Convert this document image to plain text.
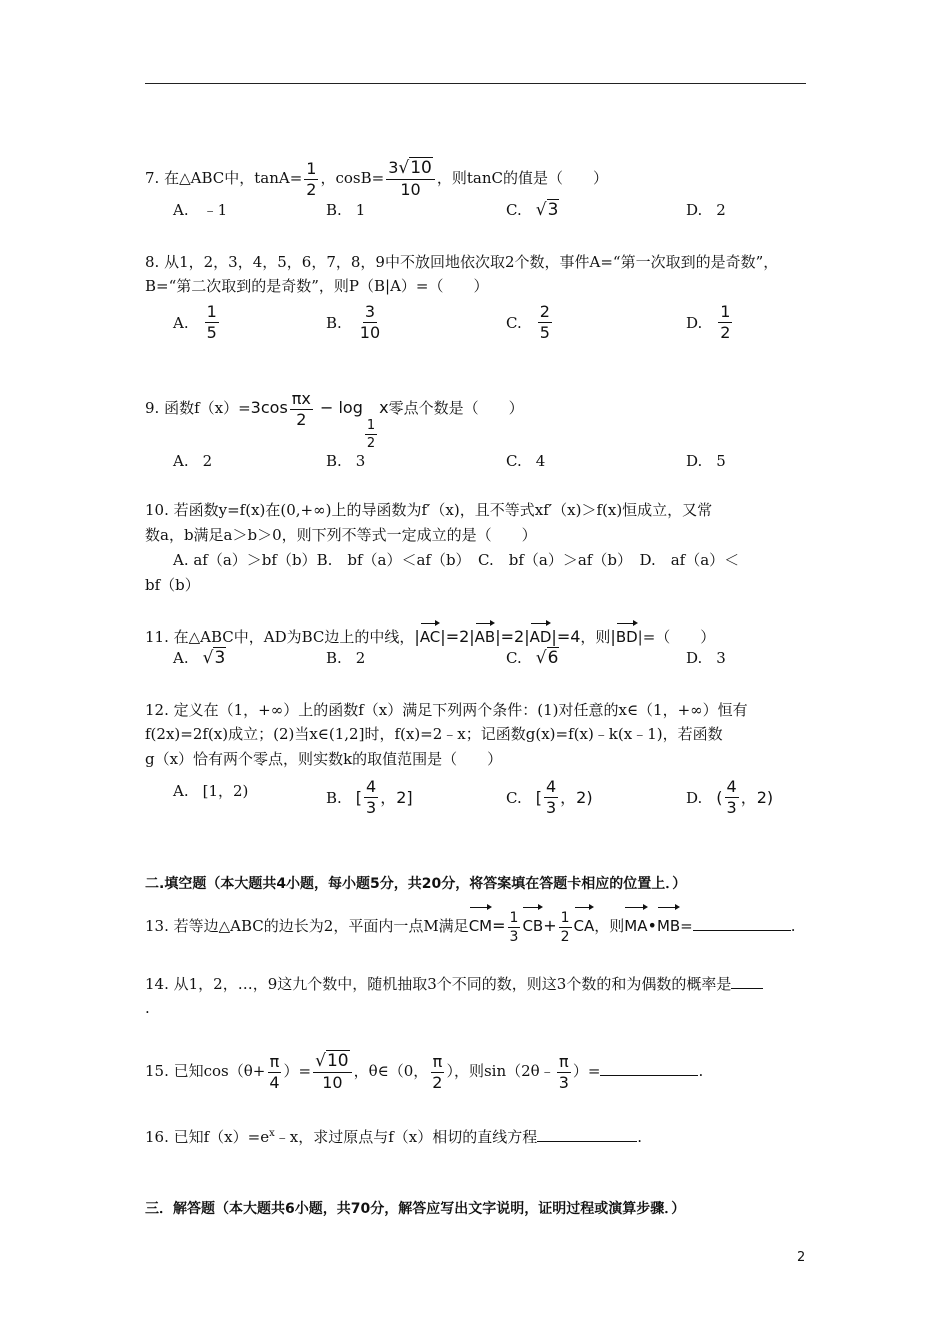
7. 在△ABC中，$\tan A= \frac{1}{2}$ ，$\cos B= \frac{3√10}{10}$ ，则tanC的值是（　　）
A. ﹣1	B. 1	C. √3	D. 2
8. 从1，2，3，4，5，6，7，8，9中不放回地依次取2个数，事件A=“第一次取到的是奇数”，
B=“第二次取到的是奇数”，则P（B|A）=（　　）
A. $\frac{1}{5}$	B. $\frac{3}{10}$	C. $\frac{2}{5}$	D. $\frac{1}{2}$
9. 函数$f(x)=3\cos \frac{\pi x}{2} - \log$
$\frac{1}{2}$
x零点个数是（　　）
A. 2	B. 3	C. 4	D. 5
10. 若函数y=f(x)在(0,+∞)上的导函数为f′（x)，且不等式xf′（x)＞f(x)恒成立，又常
数a，b满足a＞b＞0，则下列不等式一定成立的是（　　）
A. af（a）＞bf（b）B.　bf（a）＜af（b）　C.　bf（a）＞af（b）　D.　af（a）＜
bf（b）
11. 在△ABC中，AD为BC边上的中线，|AC|=2|AB|=2|AD|=4，则|BD|=（　　）
A. √3	B. 2	C. √6	D. 3
12. 定义在（1，+∞）上的函数f（x）满足下列两个条件：(1)对任意的x∈（1，+∞）恒有
f(2x)=2f(x)成立；(2)当x∈(1,2]时，f(x)=2﹣x；记函数g(x)=f(x)﹣k(x﹣1)，若函数
g（x）恰有两个零点，则实数k的取值范围是（　　）
A. [1，2)	B. [ $\frac{4}{3}$ ，2]	C. [ $\frac{4}{3}$ ，2)	D. ( $\frac{4}{3}$ ，2)
二.填空题（本大题共4小题，每小题5分，共20分，将答案填在答题卡相应的位置上．）
13. 若等边△ABC的边长为2，平面内一点M满足$CM= \frac{1}{3} CB+ \frac{1}{2}$ CA，则MA•MB=	.
14. 从1，2，…，9这九个数中，随机抽取3个不同的数，则这3个数的和为偶数的概率是
.
15. 已知$\cos(\theta+ \frac{\pi}{4}$ ）= $\frac{√10}{10}$ ，θ∈（0， $\frac{\pi}{2}$ ），则sin（2θ﹣ $\frac{\pi}{3}$ ）=	.
16. 已知$f(x)=e^x﹣x$，求过原点与f（x）相切的直线方程	.
三．解答题（本大题共6小题，共70分，解答应写出文字说明，证明过程或演算步骤．）
2
